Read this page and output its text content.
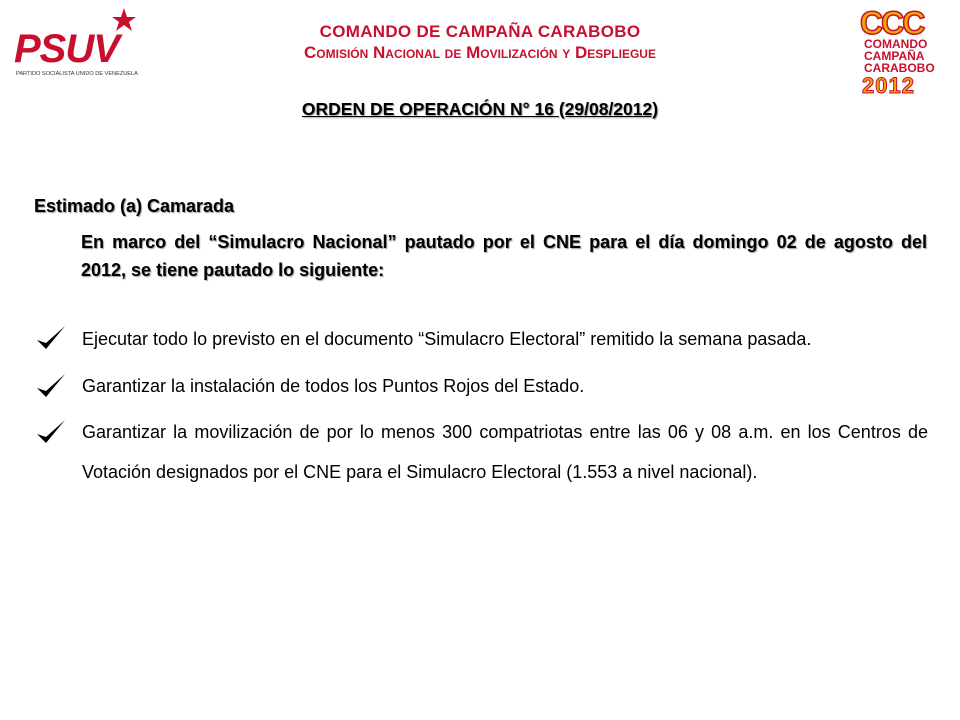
PSUV
PARTIDO SOCIALISTA UNIDO DE VENEZUELA
CCC
COMANDO
CAMPAÑA
CARABOBO
2012
COMANDO DE CAMPAÑA CARABOBO
Comisión Nacional de Movilización y Despliegue
ORDEN DE OPERACIÓN N° 16 (29/08/2012)
Estimado (a) Camarada
En marco del “Simulacro Nacional” pautado por el CNE para el día domingo 02 de agosto del 2012, se tiene pautado lo siguiente:
Ejecutar todo lo previsto en el documento “Simulacro Electoral” remitido la semana pasada.
Garantizar la instalación de todos los Puntos Rojos del Estado.
Garantizar la movilización de por lo menos 300 compatriotas entre las 06 y 08 a.m. en los Centros de Votación designados por el CNE para el Simulacro Electoral (1.553 a nivel nacional).
